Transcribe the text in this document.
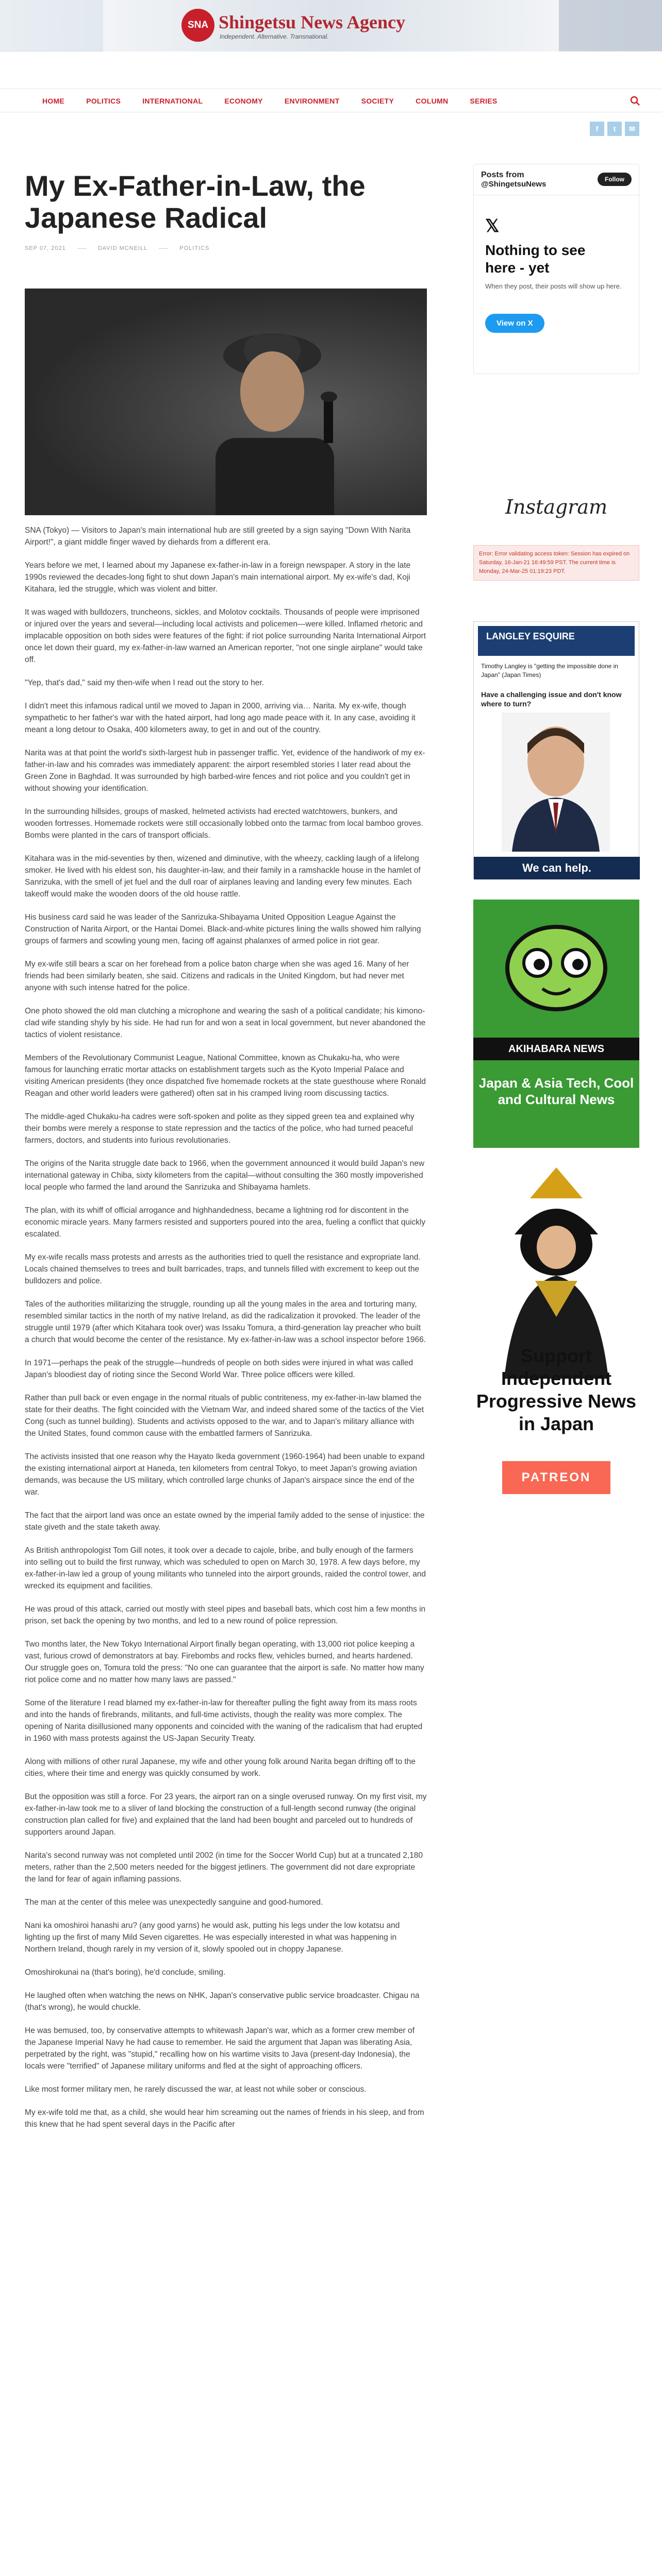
SNA Shingetsu News Agency
Independent. Alternative. Transnational.
HOME	POLITICS	INTERNATIONAL	ECONOMY	ENVIRONMENT	SOCIETY	COLUMN	SERIES
f	t	✉
My Ex-Father-in-Law, the Japanese Radical
SEP 07, 2021	DAVID MCNEILL	POLITICS

SNA (Tokyo) — Visitors to Japan's main international hub are still greeted by a sign saying "Down With Narita Airport!", a giant middle finger waved by diehards from a different era.

Years before we met, I learned about my Japanese ex-father-in-law in a foreign newspaper. A story in the late 1990s reviewed the decades-long fight to shut down Japan's main international airport. My ex-wife's dad, Koji Kitahara, led the struggle, which was violent and bitter.

It was waged with bulldozers, truncheons, sickles, and Molotov cocktails. Thousands of people were imprisoned or injured over the years and several—including local activists and policemen—were killed. Inflamed rhetoric and implacable opposition on both sides were features of the fight: if riot police surrounding Narita International Airport once let down their guard, my ex-father-in-law warned an American reporter, "not one single airplane" would take off.

"Yep, that's dad," said my then-wife when I read out the story to her.

I didn't meet this infamous radical until we moved to Japan in 2000, arriving via… Narita. My ex-wife, though sympathetic to her father's war with the hated airport, had long ago made peace with it. In any case, avoiding it meant a long detour to Osaka, 400 kilometers away, to get in and out of the country.

Narita was at that point the world's sixth-largest hub in passenger traffic. Yet, evidence of the handiwork of my ex-father-in-law and his comrades was immediately apparent: the airport resembled stories I later read about the Green Zone in Baghdad. It was surrounded by high barbed-wire fences and riot police and you couldn't get in without showing your identification.

In the surrounding hillsides, groups of masked, helmeted activists had erected watchtowers, bunkers, and wooden fortresses. Homemade rockets were still occasionally lobbed onto the tarmac from local bamboo groves. Bombs were planted in the cars of transport officials.

Kitahara was in the mid-seventies by then, wizened and diminutive, with the wheezy, cackling laugh of a lifelong smoker. He lived with his eldest son, his daughter-in-law, and their family in a ramshackle house in the hamlet of Sanrizuka, with the smell of jet fuel and the dull roar of airplanes leaving and landing every few minutes. Each takeoff would make the wooden doors of the old house rattle.

His business card said he was leader of the Sanrizuka-Shibayama United Opposition League Against the Construction of Narita Airport, or the Hantai Domei. Black-and-white pictures lining the walls showed him rallying groups of farmers and scowling young men, facing off against phalanxes of armed police in riot gear.

My ex-wife still bears a scar on her forehead from a police baton charge when she was aged 16. Many of her friends had been similarly beaten, she said. Citizens and radicals in the United Kingdom, but had never met anyone with such intense hatred for the police.

One photo showed the old man clutching a microphone and wearing the sash of a political candidate; his kimono-clad wife standing shyly by his side. He had run for and won a seat in local government, but never abandoned the tactics of violent resistance.

Members of the Revolutionary Communist League, National Committee, known as Chukaku-ha, who were famous for launching erratic mortar attacks on establishment targets such as the Kyoto Imperial Palace and visiting American presidents (they once dispatched five homemade rockets at the state guesthouse where Ronald Reagan and other world leaders were gathered) often sat in his cramped living room discussing tactics.

The middle-aged Chukaku-ha cadres were soft-spoken and polite as they sipped green tea and explained why their bombs were merely a response to state repression and the tactics of the police, who had turned peaceful farmers, doctors, and students into furious revolutionaries.

The origins of the Narita struggle date back to 1966, when the government announced it would build Japan's new international gateway in Chiba, sixty kilometers from the capital—without consulting the 360 mostly impoverished local people who farmed the land around the Sanrizuka and Shibayama hamlets.

The plan, with its whiff of official arrogance and highhandedness, became a lightning rod for discontent in the economic miracle years. Many farmers resisted and supporters poured into the area, fueling a conflict that quickly escalated.

My ex-wife recalls mass protests and arrests as the authorities tried to quell the resistance and expropriate land. Locals chained themselves to trees and built barricades, traps, and tunnels filled with excrement to keep out the bulldozers and police.

Tales of the authorities militarizing the struggle, rounding up all the young males in the area and torturing many, resembled similar tactics in the north of my native Ireland, as did the radicalization it provoked. The leader of the struggle until 1979 (after which Kitahara took over) was Issaku Tomura, a third-generation lay preacher who built a church that would become the center of the resistance. My ex-father-in-law was a school inspector before 1966.

In 1971—perhaps the peak of the struggle—hundreds of people on both sides were injured in what was called Japan's bloodiest day of rioting since the Second World War. Three police officers were killed.

Rather than pull back or even engage in the normal rituals of public contriteness, my ex-father-in-law blamed the state for their deaths. The fight coincided with the Vietnam War, and indeed shared some of the tactics of the Viet Cong (such as tunnel building). Students and activists opposed to the war, and to Japan's military alliance with the United States, found common cause with the embattled farmers of Sanrizuka.

The activists insisted that one reason why the Hayato Ikeda government (1960-1964) had been unable to expand the existing international airport at Haneda, ten kilometers from central Tokyo, to meet Japan's growing aviation demands, was because the US military, which controlled large chunks of Japan's airspace since the end of the war.

The fact that the airport land was once an estate owned by the imperial family added to the sense of injustice: the state giveth and the state taketh away.

As British anthropologist Tom Gill notes, it took over a decade to cajole, bribe, and bully enough of the farmers into selling out to build the first runway, which was scheduled to open on March 30, 1978. A few days before, my ex-father-in-law led a group of young militants who tunneled into the airport grounds, raided the control tower, and wrecked its equipment and facilities.

He was proud of this attack, carried out mostly with steel pipes and baseball bats, which cost him a few months in prison, set back the opening by two months, and led to a new round of police repression.

Two months later, the New Tokyo International Airport finally began operating, with 13,000 riot police keeping a vast, furious crowd of demonstrators at bay. Firebombs and rocks flew, vehicles burned, and hearts hardened. Our struggle goes on, Tomura told the press: "No one can guarantee that the airport is safe. No matter how many riot police come and no matter how many laws are passed."

Some of the literature I read blamed my ex-father-in-law for thereafter pulling the fight away from its mass roots and into the hands of firebrands, militants, and full-time activists, though the reality was more complex. The opening of Narita disillusioned many opponents and coincided with the waning of the radicalism that had erupted in 1960 with mass protests against the US-Japan Security Treaty.

Along with millions of other rural Japanese, my wife and other young folk around Narita began drifting off to the cities, where their time and energy was quickly consumed by work.

But the opposition was still a force. For 23 years, the airport ran on a single overused runway. On my first visit, my ex-father-in-law took me to a sliver of land blocking the construction of a full-length second runway (the original construction plan called for five) and explained that the land had been bought and parceled out to hundreds of supporters around Japan.

Narita's second runway was not completed until 2002 (in time for the Soccer World Cup) but at a truncated 2,180 meters, rather than the 2,500 meters needed for the biggest jetliners. The government did not dare expropriate the land for fear of again inflaming passions.

The man at the center of this melee was unexpectedly sanguine and good-humored.

Nani ka omoshiroi hanashi aru? (any good yarns) he would ask, putting his legs under the low kotatsu and lighting up the first of many Mild Seven cigarettes. He was especially interested in what was happening in Northern Ireland, though rarely in my version of it, slowly spooled out in choppy Japanese.

Omoshirokunai na (that's boring), he'd conclude, smiling.

He laughed often when watching the news on NHK, Japan's conservative public service broadcaster. Chigau na (that's wrong), he would chuckle.

He was bemused, too, by conservative attempts to whitewash Japan's war, which as a former crew member of the Japanese Imperial Navy he had cause to remember. He said the argument that Japan was liberating Asia, perpetrated by the right, was "stupid," recalling how on his wartime visits to Java (present-day Indonesia), the locals were "terrified" of Japanese military uniforms and fled at the sight of approaching officers.

Like most former military men, he rarely discussed the war, at least not while sober or conscious.

My ex-wife told me that, as a child, she would hear him screaming out the names of friends in his sleep, and from this knew that he had spent several days in the Pacific after

Posts from
@ShingetsuNews
Follow
𝕏
Nothing to see here - yet
When they post, their posts will show up here.
View on X
Instagram
Error: Error validating access token: Session has expired on Saturday, 16-Jan-21 16:49:59 PST. The current time is Monday, 24-Mar-25 01:19:23 PDT.
LANGLEY ESQUIRE
Timothy Langley is "getting the impossible done in Japan" (Japan Times)
Have a challenging issue and don't know where to turn?
We can help.
AKIHABARA NEWS
Japan & Asia Tech, Cool and Cultural News
Support Independent Progressive News in Japan
PATREON
